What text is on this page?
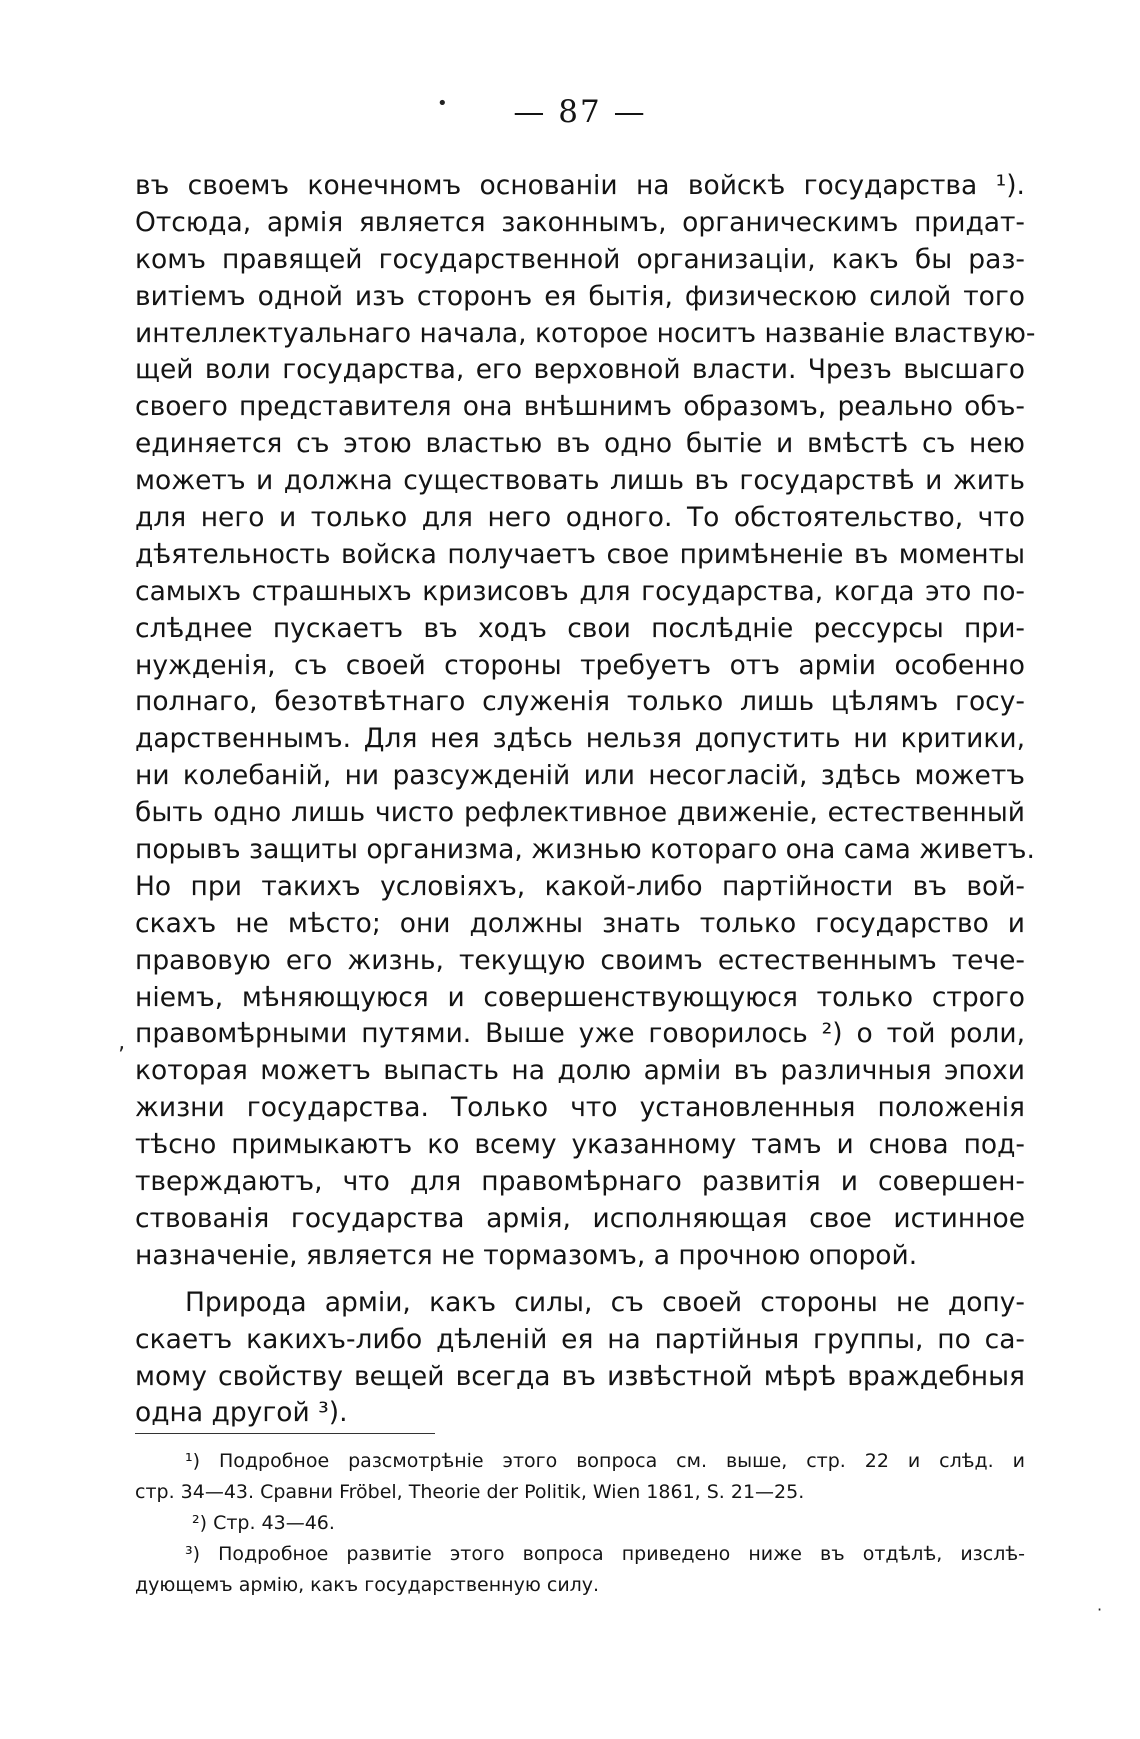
— 87 —
въ своемъ конечномъ основаніи на войскѣ государства ¹).
Отсюда, армія является законнымъ, органическимъ придат-
комъ правящей государственной организаціи, какъ бы раз-
витіемъ одной изъ сторонъ ея бытія, физическою силой того
интеллектуальнаго начала, которое носитъ названіе властвую-
щей воли государства, его верховной власти. Чрезъ высшаго
своего представителя она внѣшнимъ образомъ, реально объ-
единяется съ этою властью въ одно бытіе и вмѣстѣ съ нею
можетъ и должна существовать лишь въ государствѣ и жить
для него и только для него одного. То обстоятельство, что
дѣятельность войска получаетъ свое примѣненіе въ моменты
самыхъ страшныхъ кризисовъ для государства, когда это по-
слѣднее пускаетъ въ ходъ свои послѣдніе рессурсы при-
нужденія, съ своей стороны требуетъ отъ арміи особенно
полнаго, безотвѣтнаго служенія только лишь цѣлямъ госу-
дарственнымъ. Для нея здѣсь нельзя допустить ни критики,
ни колебаній, ни разсужденій или несогласій, здѣсь можетъ
быть одно лишь чисто рефлективное движеніе, естественный
порывъ защиты организма, жизнью котораго она сама живетъ.
Но при такихъ условіяхъ, какой-либо партійности въ вой-
скахъ не мѣсто; они должны знать только государство и
правовую его жизнь, текущую своимъ естественнымъ тече-
ніемъ, мѣняющуюся и совершенствующуюся только строго
правомѣрными путями. Выше уже говорилось ²) о той роли,
которая можетъ выпасть на долю арміи въ различныя эпохи
жизни государства. Только что установленныя положенія
тѣсно примыкаютъ ко всему указанному тамъ и снова под-
тверждаютъ, что для правомѣрнаго развитія и совершен-
ствованія государства армія, исполняющая свое истинное
назначеніе, является не тормазомъ, а прочною опорой.
Природа арміи, какъ силы, съ своей стороны не допу-
скаетъ какихъ-либо дѣленій ея на партійныя группы, по са-
мому свойству вещей всегда въ извѣстной мѣрѣ враждебныя
одна другой ³).
¹) Подробное разсмотрѣніе этого вопроса см. выше, стр. 22 и слѣд. и
стр. 34—43. Сравни Fröbel, Theorie der Politik, Wien 1861, S. 21—25.
²) Стр. 43—46.
³) Подробное развитіе этого вопроса приведено ниже въ отдѣлѣ, изслѣ-
дующемъ армію, какъ государственную силу.
•
‚
·
